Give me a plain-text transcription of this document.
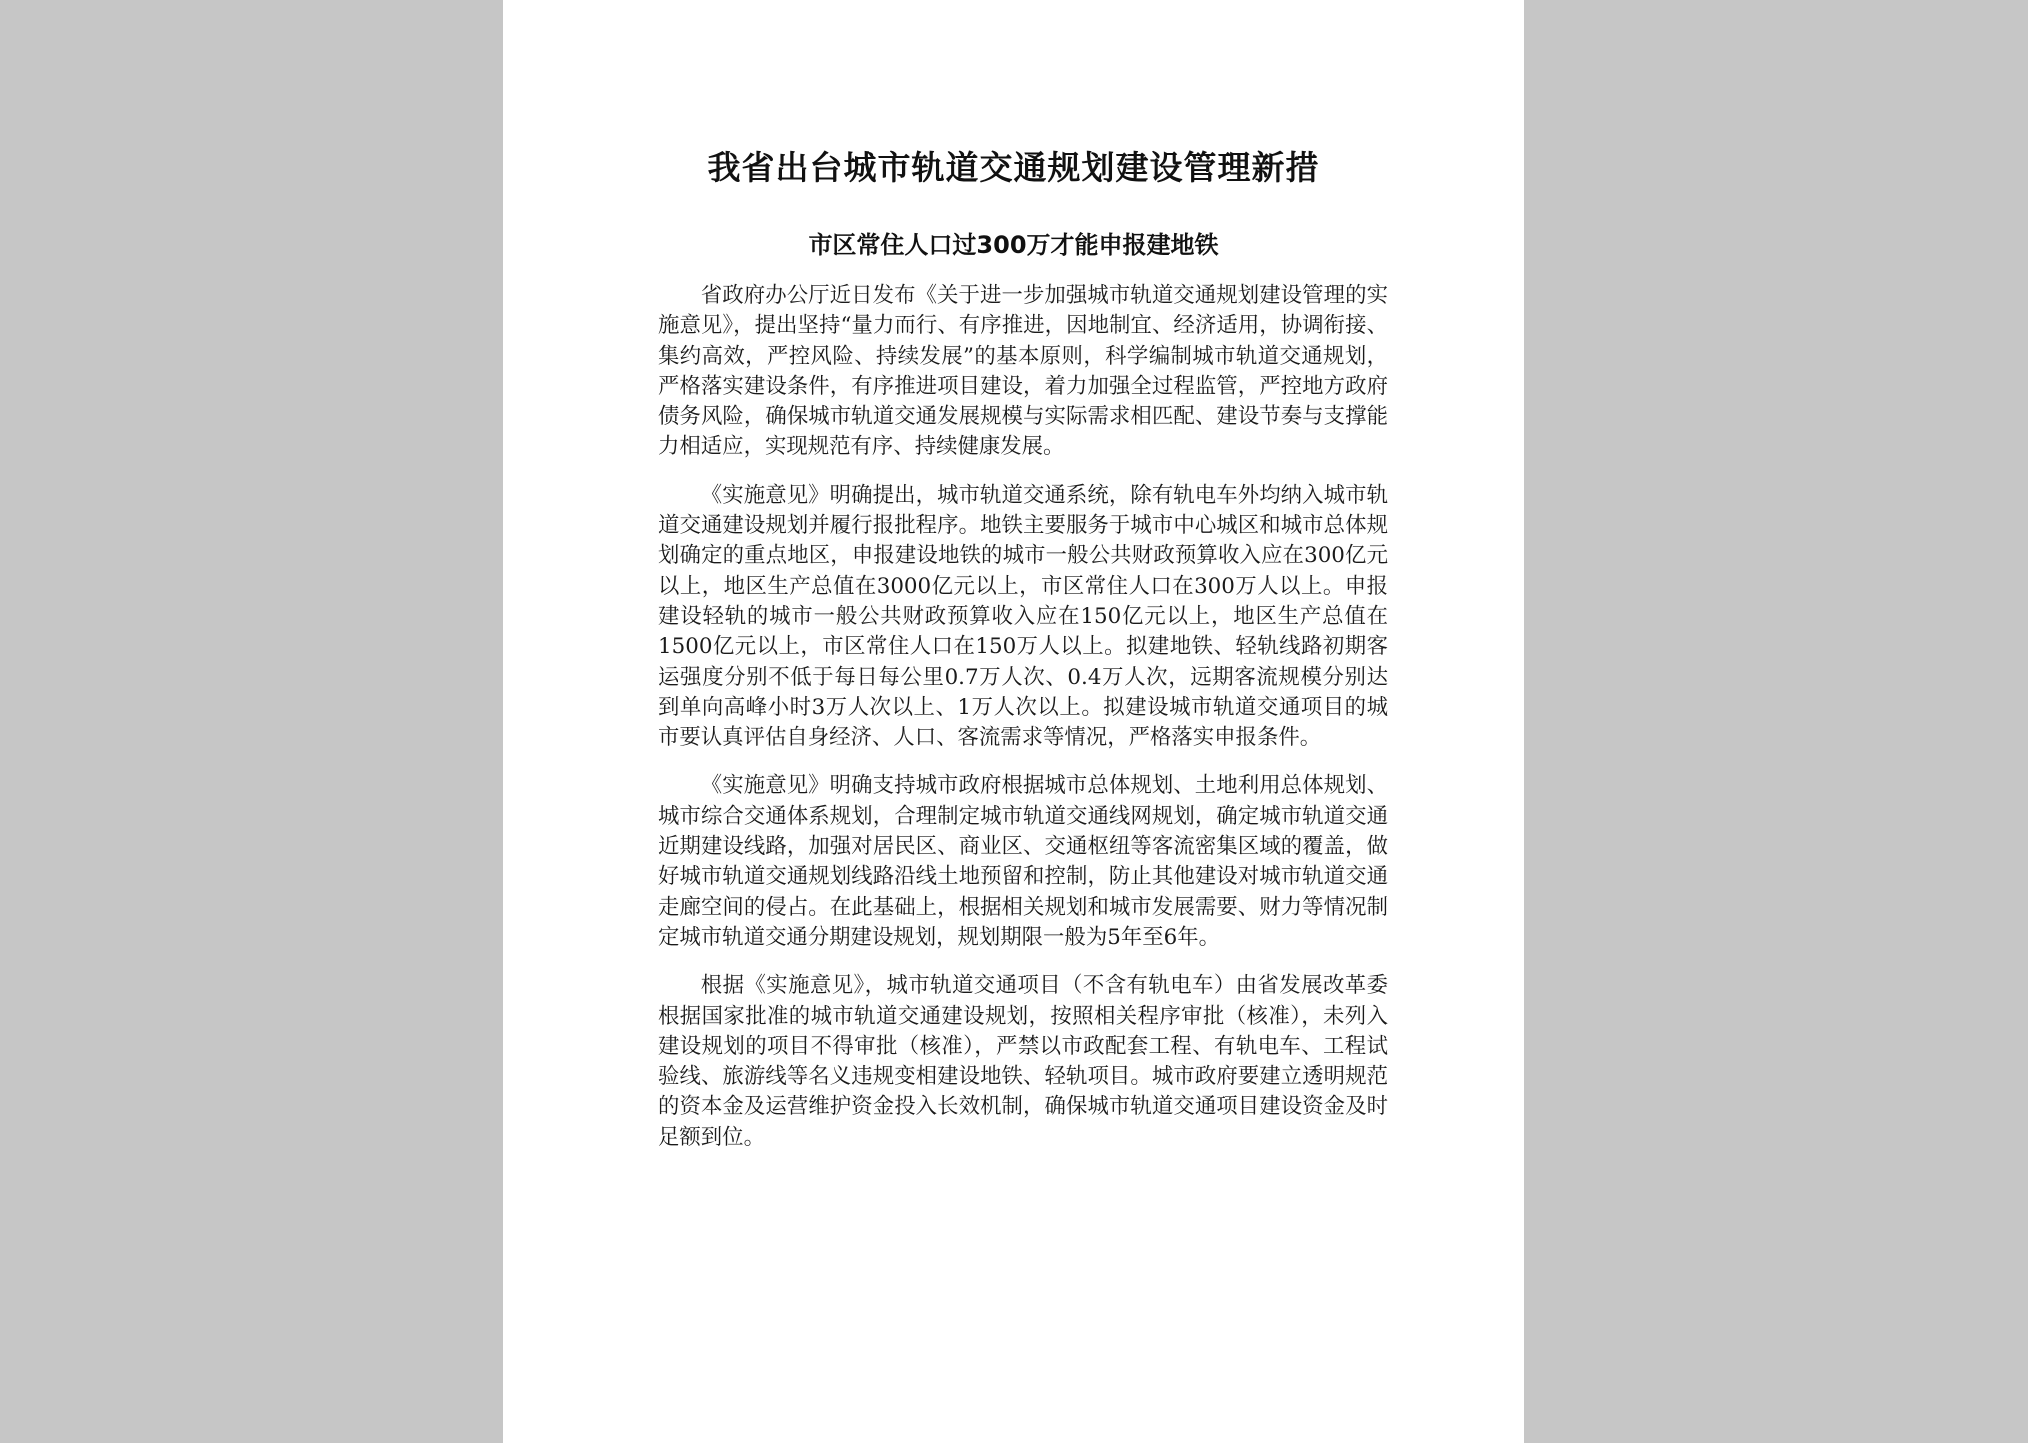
我省出台城市轨道交通规划建设管理新措
市区常住人口过300万才能申报建地铁

省政府办公厅近日发布《关于进一步加强城市轨道交通规划建设管理的实施意见》，提出坚持“量力而行、有序推进，因地制宜、经济适用，协调衔接、集约高效，严控风险、持续发展”的基本原则，科学编制城市轨道交通规划，严格落实建设条件，有序推进项目建设，着力加强全过程监管，严控地方政府债务风险，确保城市轨道交通发展规模与实际需求相匹配、建设节奏与支撑能力相适应，实现规范有序、持续健康发展。

《实施意见》明确提出，城市轨道交通系统，除有轨电车外均纳入城市轨道交通建设规划并履行报批程序。地铁主要服务于城市中心城区和城市总体规划确定的重点地区，申报建设地铁的城市一般公共财政预算收入应在300亿元以上，地区生产总值在3000亿元以上，市区常住人口在300万人以上。申报建设轻轨的城市一般公共财政预算收入应在150亿元以上，地区生产总值在1500亿元以上，市区常住人口在150万人以上。拟建地铁、轻轨线路初期客运强度分别不低于每日每公里0.7万人次、0.4万人次，远期客流规模分别达到单向高峰小时3万人次以上、1万人次以上。拟建设城市轨道交通项目的城市要认真评估自身经济、人口、客流需求等情况，严格落实申报条件。

《实施意见》明确支持城市政府根据城市总体规划、土地利用总体规划、城市综合交通体系规划，合理制定城市轨道交通线网规划，确定城市轨道交通近期建设线路，加强对居民区、商业区、交通枢纽等客流密集区域的覆盖，做好城市轨道交通规划线路沿线土地预留和控制，防止其他建设对城市轨道交通走廊空间的侵占。在此基础上，根据相关规划和城市发展需要、财力等情况制定城市轨道交通分期建设规划，规划期限一般为5年至6年。

根据《实施意见》，城市轨道交通项目（不含有轨电车）由省发展改革委根据国家批准的城市轨道交通建设规划，按照相关程序审批（核准），未列入建设规划的项目不得审批（核准），严禁以市政配套工程、有轨电车、工程试验线、旅游线等名义违规变相建设地铁、轻轨项目。城市政府要建立透明规范的资本金及运营维护资金投入长效机制，确保城市轨道交通项目建设资金及时足额到位。
